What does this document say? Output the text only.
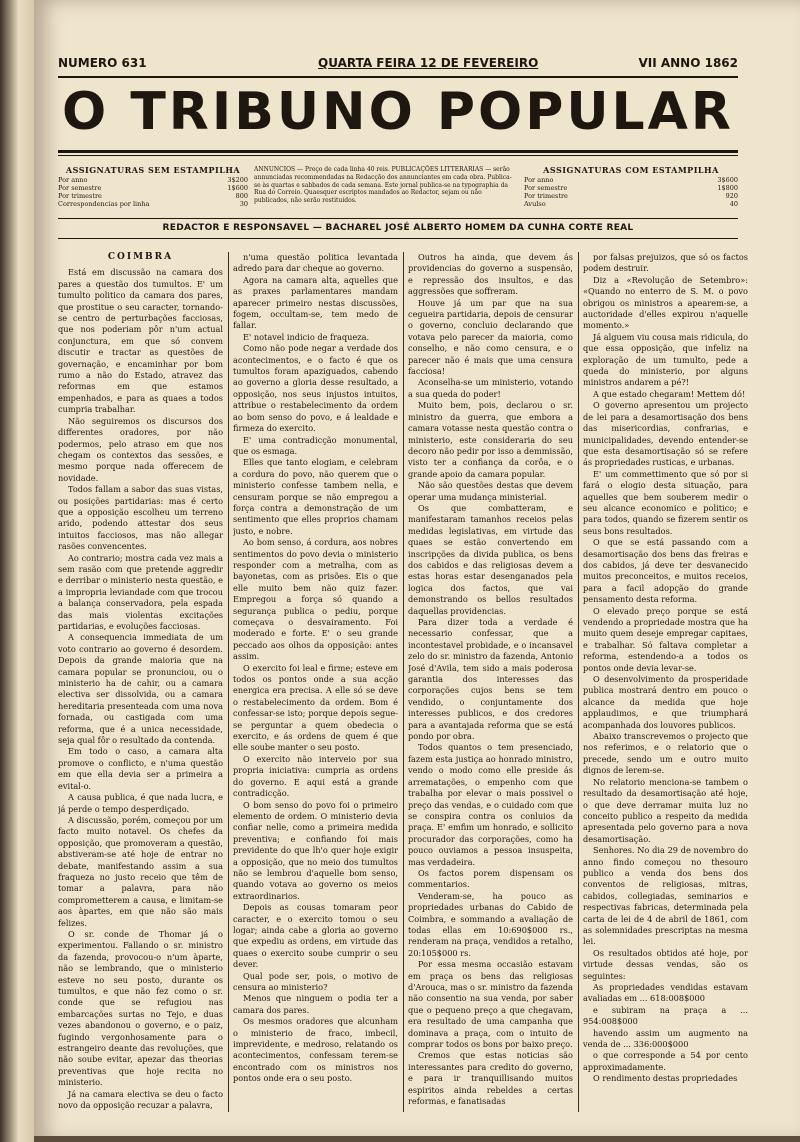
NUMERO 631	QUARTA FEIRA 12 DE FEVEREIRO	VII ANNO 1862
O TRIBUNO POPULAR
ASSIGNATURAS SEM ESTAMPILHA
Por anno	3$200
Por semestre	1$600
Por trimestre	800
Correspondencias por linha	30
ANNUNCIOS — Preço de cada linha 40 reis. PUBLICAÇÕES LITTERARIAS — serão annunciadas recommendadas na Redacção dos annunciantes em cada obra. Publica-se às quartas e sabbados de cada semana. Este jornal publica-se na typographia da Rua do Correio. Quaesquer escriptos mandados ao Redactor, sejam ou não publicados, não serão restituidos.
ASSIGNATURAS COM ESTAMPILHA
Por anno	3$600
Por semestre	1$800
Por trimestre	920
Avulso	40
REDACTOR E RESPONSAVEL — BACHAREL JOSÉ ALBERTO HOMEM DA CUNHA CORTE REAL
COIMBRA

Está em discussão na camara dos pares a questão dos tumultos. E' um tumulto politico da camara dos pares, que prostitue o seu caracter, tornando-se centro de perturbações facciosas, que nos poderiam pôr n'um actual conjunctura, em que só convem discutir e tractar as questões de governação, e encaminhar por bom rumo a não do Estado, atravez das reformas em que estamos empenhados, e para as quaes a todos cumpria trabalhar.

Não seguiremos os discursos dos differentes oradores, por não podermos, pelo atraso em que nos chegam os contextos das sessões, e mesmo porque nada offerecem de novidade.

Todos fallam a sabor das suas vistas, ou posições partidarias: mas é certo que a opposição escolheu um terreno arido, podendo attestar dos seus intuitos facciosos, mas não allegar rasões convencentes.

Ao contrario; mostra cada vez mais a sem rasão com que pretende aggredir e derribar o ministerio nesta questão, e a impropria leviandade com que trocou a balança conservadora, pela espada das mais violentas excitações partidarias, e evoluções facciosas.

A consequencia immediata de um voto contrario ao governo é desordem. Depois da grande maioria que na camara popular se pronunciou, ou o ministerio ha de cahir, ou a camara electiva ser dissolvida, ou a camara hereditaria presenteada com uma nova fornada, ou castigada com uma reforma, que é a unica necessidade, seja qual fôr o resultado da contenda.

Em todo o caso, a camara alta promove o conflicto, e n'uma questão em que ella devia ser a primeira a evital-o.

A causa publica, é que nada lucra, e já perde o tempo desperdiçado.

A discussão, porém, começou por um facto muito notavel. Os chefes da opposição, que promoveram a questão, abstiveram-se até hoje de entrar no debate, manifestando assim a sua fraqueza no justo receio que têm de tomar a palavra, para não comprometterem a causa, e limitam-se aos àpartes, em que não são mais felizes.

O sr. conde de Thomar já o experimentou. Fallando o sr. ministro da fazenda, provocou-o n'um àparte, não se lembrando, que o ministerio esteve no seu posto, durante os tumultos, e que não fez como o sr. conde que se refugiou nas embarcações surtas no Tejo, e duas vezes abandonou o governo, e o paiz, fugindo vergonhosamente para o estrangeiro deante das revoluções, que não soube evitar, apezar das theorias preventivas que hoje recita no ministerio.

Já na camara electiva se deu o facto novo da opposição recuzar a palavra,

n'uma questão politica levantada adredo para dar cheque ao governo.

Agora na camara alta, aquelles que as praxes parlamentares mandam aparecer primeiro nestas discussões, fogem, occultam-se, tem medo de fallar.

E' notavel indicio de fraqueza.

Como não pode negar a verdade dos acontecimentos, e o facto é que os tumultos foram apaziguados, cabendo ao governo a gloria desse resultado, a opposição, nos seus injustos intuitos, attribue o restabelecimento da ordem ao bom senso do povo, e á lealdade e firmeza do exercito.

E' uma contradicção monumental, que os esmaga.

Elles que tanto elogiam, e celebram a cordura do povo, não querem que o ministerio confesse tambem nella, e censuram porque se não empregou a força contra a demonstração de um sentimento que elles proprios chamam justo, e nobre.

Ao bom senso, á cordura, aos nobres sentimentos do povo devia o ministerio responder com a metralha, com as bayonetas, com as prisões. Eis o que elle muito bem não quiz fazer. Empregou a força só quando a segurança publica o pediu, porque começava o desvairamento. Foi moderado e forte. E' o seu grande peccado aos olhos da opposição: antes assim.

O exercito foi leal e firme; esteve em todos os pontos onde a sua acção energica era precisa. A elle só se deve o restabelecimento da ordem. Bom é confessar-se isto; porque depois segue-se perguntar a quem obedecia o exercito, e ás ordens de quem é que elle soube manter o seu posto.

O exercito não interveio por sua propria iniciativa: cumpria as ordens do governo. E aqui está a grande contradicção.

O bom senso do povo foi o primeiro elemento de ordem. O ministerio devia confiar nelle, como a primeira medida preventiva; e confiando foi mais previdente do que lh'o quer hoje exigir a opposição, que no meio dos tumultos não se lembrou d'aquelle bom senso, quando votava ao governo os meios extraordinarios.

Depois as cousas tomaram peor caracter, e o exercito tomou o seu logar; ainda cabe a gloria ao governo que expediu as ordens, em virtude das quaes o exercito soube cumprir o seu dever.

Qual pode ser, pois, o motivo de censura ao ministerio?

Menos que ninguem o podia ter a camara dos pares.

Os mesmos oradores que alcunham o ministerio de fraco, imbecil, imprevidente, e medroso, relatando os acontecimentos, confessam terem-se encontrado com os ministros nos pontos onde era o seu posto.

Outros ha ainda, que devem ás providencias do governo a suspensão, e repressão dos insultos, e das aggressões que soffreram.

Houve já um par que na sua cegueira partidaria, depois de censurar o governo, concluio declarando que votava pelo parecer da maioria, como conselho, e não como censura, e o parecer não é mais que uma censura facciosa!

Aconselha-se um ministerio, votando a sua queda do poder!

Muito bem, pois, declarou o sr. ministro da guerra, que embora a camara votasse nesta questão contra o ministerio, este consideraria do seu decoro não pedir por isso a demmissão, visto ter a confiança da corôa, e o grande apoio da camara popular.

Não são questões destas que devem operar uma mudança ministerial.

Os que combatteram, e manifestaram tamanhos receios pelas medidas legislativas, em virtude das quaes se estão convertendo em inscripções da divida publica, os bens dos cabidos e das religiosas devem a estas horas estar desenganados pela logica dos factos, que vai demonstrando os bellos resultados daquellas providencias.

Para dizer toda a verdade é necessario confessar, que a incontestavel probidade, e o incansavel zelo do sr. ministro da fazenda, Antonio José d'Avila, tem sido a mais poderosa garantia dos interesses das corporações cujos bens se tem vendido, o conjuntamente dos interesses publicos, e dos credores para a avantajada reforma que se está pondo por obra.

Todos quantos o tem presenciado, fazem esta justiça ao honrado ministro, vendo o modo como elle preside ás arrematações, o empenho com que trabalha por elevar o mais possivel o preço das vendas, e o cuidado com que se conspira contra os conluios da praça. E' emfim um honrado, e sollicito procurador das corporações, como ha pouco ouviamos a pessoa insuspeita, mas verdadeira.

Os factos porem dispensam os commentarios.

Venderam-se, ha pouco as propriedades urbanas do Cabido de Coimbra, e sommando a avaliação de todas ellas em 10:690$000 rs., renderam na praça, vendidos a retalho, 20:105$000 rs.

Por essa mesma occasião estavam em praça os bens das religiosas d'Arouca, mas o sr. ministro da fazenda não consentio na sua venda, por saber que o pequeno preço a que chegavam, era resultado de uma campanha que dominava a praça, com o intuito de comprar todos os bons por baixo preço.

Cremos que estas noticias são interessantes para credito do governo, e para ir tranquillisando muitos espiritos ainda rebeldes a certas reformas, e fanatisadas

por falsas prejuizos, que só os factos podem destruir.

Diz a «Revolução de Setembro»: «Quando no enterro de S. M. o povo obrigou os ministros a apearem-se, a auctoridade d'elles expirou n'aquelle momento.»

Já alguem viu cousa mais ridicula, do que essa opposição, que infeliz na exploração de um tumulto, pede a queda do ministerio, por alguns ministros andarem a pé?!

A que estado chegaram! Mettem dó!

O governo apresentou um projecto de lei para a desamortisação dos bens das misericordias, confrarias, e municipalidades, devendo entender-se que esta desamortisação só se refere ás propriedades rusticas, e urbanas.

E' um commettimento que só por si fará o elogio desta situação, para aquelles que bem souberem medir o seu alcance economico e politico; e para todos, quando se fizerem sentir os seus bons resultados.

O que se está passando com a desamortisação dos bens das freiras e dos cabidos, já deve ter desvanecido muitos preconceitos, e muitos receios, para a facil adopção do grande pensamento desta reforma.

O elevado preço porque se está vendendo a propriedade mostra que ha muito quem deseje empregar capitaes, e trabalhar. Só faltava completar a reforma, estendendo-a a todos os pontos onde devia levar-se.

O desenvolvimento da prosperidade publica mostrará dentro em pouco o alcance da medida que hoje applaudimos, e que triumphará acompanhada dos louvores publicos.

Abaixo transcrevemos o projecto que nos referimos, e o relatorio que o precede, sendo um e outro muito dignos de lerem-se.

No relatorio menciona-se tambem o resultado da desamortisação até hoje, o que deve derramar muita luz no conceito publico a respeito da medida apresentada pelo governo para a nova desamortisação.

Senhores. No dia 29 de novembro do anno findo começou no thesouro publico a venda dos bens dos conventos de religiosas, mitras, cabidos, collegiadas, seminarios e respectivas fabricas, determinada pela carta de lei de 4 de abril de 1861, com as solemnidades prescriptas na mesma lei.

Os resultados obtidos até hoje, por virtude dessas vendas, são os seguintes:

As propriedades vendidas estavam avaliadas em ... 618:008$000

e subiram na praça a ... 954:008$000

havendo assim um augmento na venda de ... 336:000$000

o que corresponde a 54 por cento approximadamente.

O rendimento destas propriedades
